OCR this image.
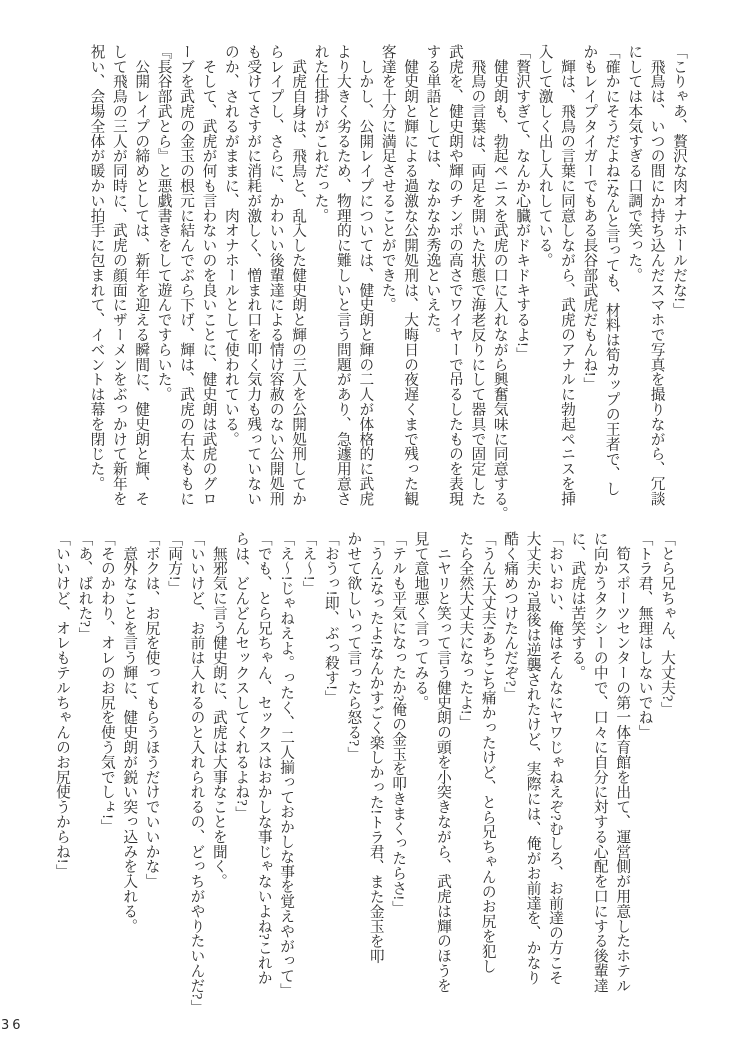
「こりゃあ、贅沢な肉オナホールだな!」
　飛鳥は、いつの間にか持ち込んだスマホで写真を撮りながら、冗談
にしては本気すぎる口調で笑った。
「確かにそうだよね!なんと言っても、材料は筍カップの王者で、し
かもレイプタイガーでもある長谷部武虎だもんね!」
　輝は、飛鳥の言葉に同意しながら、武虎のアナルに勃起ペニスを挿
入して激しく出し入れしている。
「贅沢すぎて、なんか心臓がドキドキするよ!」
　健史朗も、勃起ペニスを武虎の口に入れながら興奮気味に同意する。
　飛鳥の言葉は、両足を開いた状態で海老反りにして器具で固定した
武虎を、健史朗や輝のチンポの高さでワイヤーで吊るしたものを表現
する単語としては、なかなか秀逸といえた。
　健史朗と輝による過激な公開処刑は、大晦日の夜遅くまで残った観
客達を十分に満足させることができた。
　しかし、公開レイプについては、健史朗と輝の二人が体格的に武虎
より大きく劣るため、物理的に難しいと言う問題があり、急遽用意さ
れた仕掛けがこれだった。
　武虎自身は、飛鳥と、乱入した健史朗と輝の三人を公開処刑してか
らレイプし、さらに、かわいい後輩達による情け容赦のない公開処刑
も受けてさすがに消耗が激しく、憎まれ口を叩く気力も残っていない
のか、されるがままに、肉オナホールとして使われている。
　そして、武虎が何も言わないのを良いことに、健史朗は武虎のグロ
ーブを武虎の金玉の根元に結んでぶら下げ、輝は、武虎の右太ももに
『長谷部武とら』と悪戯書きをして遊んですらいた。
　公開レイプの締めとしては、新年を迎える瞬間に、健史朗と輝、そ
して飛鳥の三人が同時に、武虎の顔面にザーメンをぶっかけて新年を
祝い、会場全体が暖かい拍手に包まれて、イベントは幕を閉じた。
「とら兄ちゃん、大丈夫?」
「トラ君、無理はしないでね」
　筍スポーツセンターの第一体育館を出て、運営側が用意したホテル
に向かうタクシーの中で、口々に自分に対する心配を口にする後輩達
に、武虎は苦笑する。
「おいおい、俺はそんなにヤワじゃねえぞ?むしろ、お前達の方こそ
大丈夫か?最後は逆襲されたけど、実際には、俺がお前達を、かなり
酷く痛めつけたんだぞ?」
「うん!大丈夫!あちこち痛かったけど、とら兄ちゃんのお尻を犯し
たら全然大丈夫になったよ!」
　ニヤリと笑って言う健史朗の頭を小突きながら、武虎は輝のほうを
見て意地悪く言ってみる。
「テルも平気になったか?俺の金玉を叩きまくったらさ!」
「うん!なったよ!なんかすごく楽しかった!トラ君、また金玉を叩
かせて欲しいって言ったら怒る?」
「おうっ!即、ぶっ殺す!」
「え〜!」
「え〜!じゃねえよ。ったく、二人揃っておかしな事を覚えやがって」
「でも、とら兄ちゃん、セックスはおかしな事じゃないよね?これか
らは、どんどんセックスしてくれるよね?」
　無邪気に言う健史朗に、武虎は大事なことを聞く。
「いいけど、お前は入れるのと入れられるの、どっちがやりたいんだ?」
「両方!」
「ボクは、お尻を使ってもらうほうだけでいいかな」
　意外なことを言う輝に、健史朗が鋭い突っ込みを入れる。
「そのかわり、オレのお尻を使う気でしょ!」
「あ、ばれた?」
「いいけど、オレもテルちゃんのお尻使うからね!」
36
